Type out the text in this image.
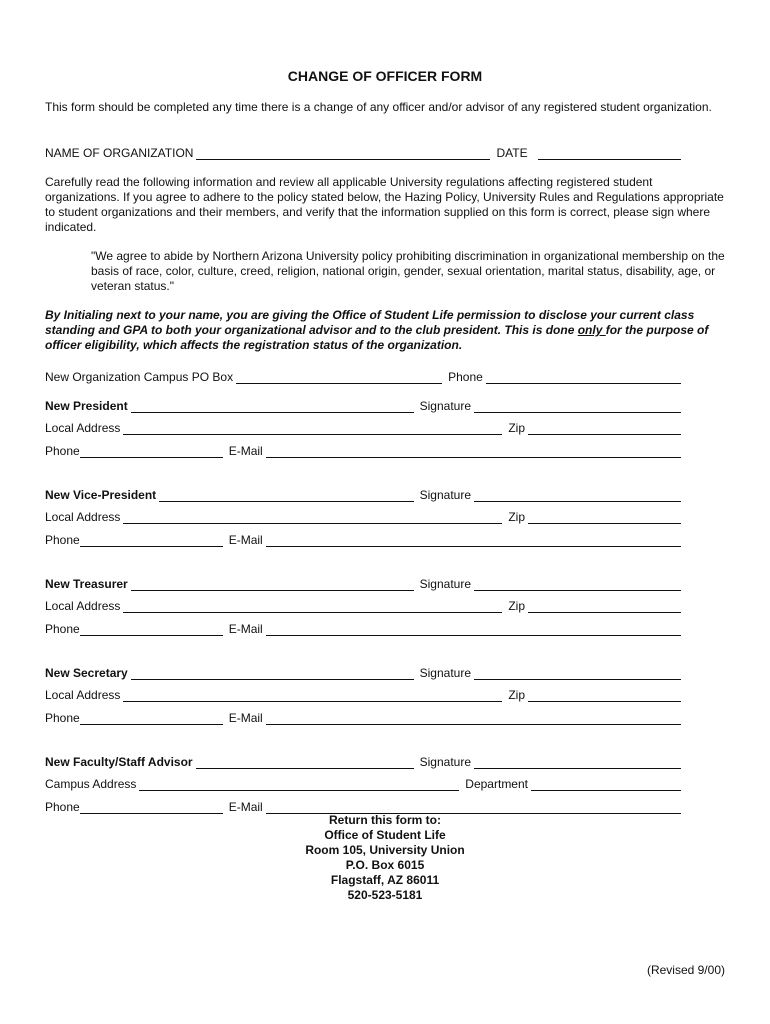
CHANGE OF OFFICER FORM
This form should be completed any time there is a change of any officer and/or advisor of any registered student organization.
NAME OF ORGANIZATION	DATE
Carefully read the following information and review all applicable University regulations affecting registered student organizations. If you agree to adhere to the policy stated below, the Hazing Policy, University Rules and Regulations appropriate to student organizations and their members, and verify that the information supplied on this form is correct, please sign where indicated.
"We agree to abide by Northern Arizona University policy prohibiting discrimination in organizational membership on the basis of race, color, culture, creed, religion, national origin, gender, sexual orientation, marital status, disability, age, or veteran status."
By Initialing next to your name, you are giving the Office of Student Life permission to disclose your current class standing and GPA to both your organizational advisor and to the club president. This is done only for the purpose of officer eligibility, which affects the registration status of the organization.
New Organization Campus PO Box	Phone
New President	Signature
Local Address	Zip
Phone	E-Mail
New Vice-President	Signature
Local Address	Zip
Phone	E-Mail
New Treasurer	Signature
Local Address	Zip
Phone	E-Mail
New Secretary	Signature
Local Address	Zip
Phone	E-Mail
New Faculty/Staff Advisor	Signature
Campus Address	Department
Phone	E-Mail
Return this form to:
Office of Student Life
Room 105, University Union
P.O. Box 6015
Flagstaff, AZ 86011
520-523-5181
(Revised 9/00)
